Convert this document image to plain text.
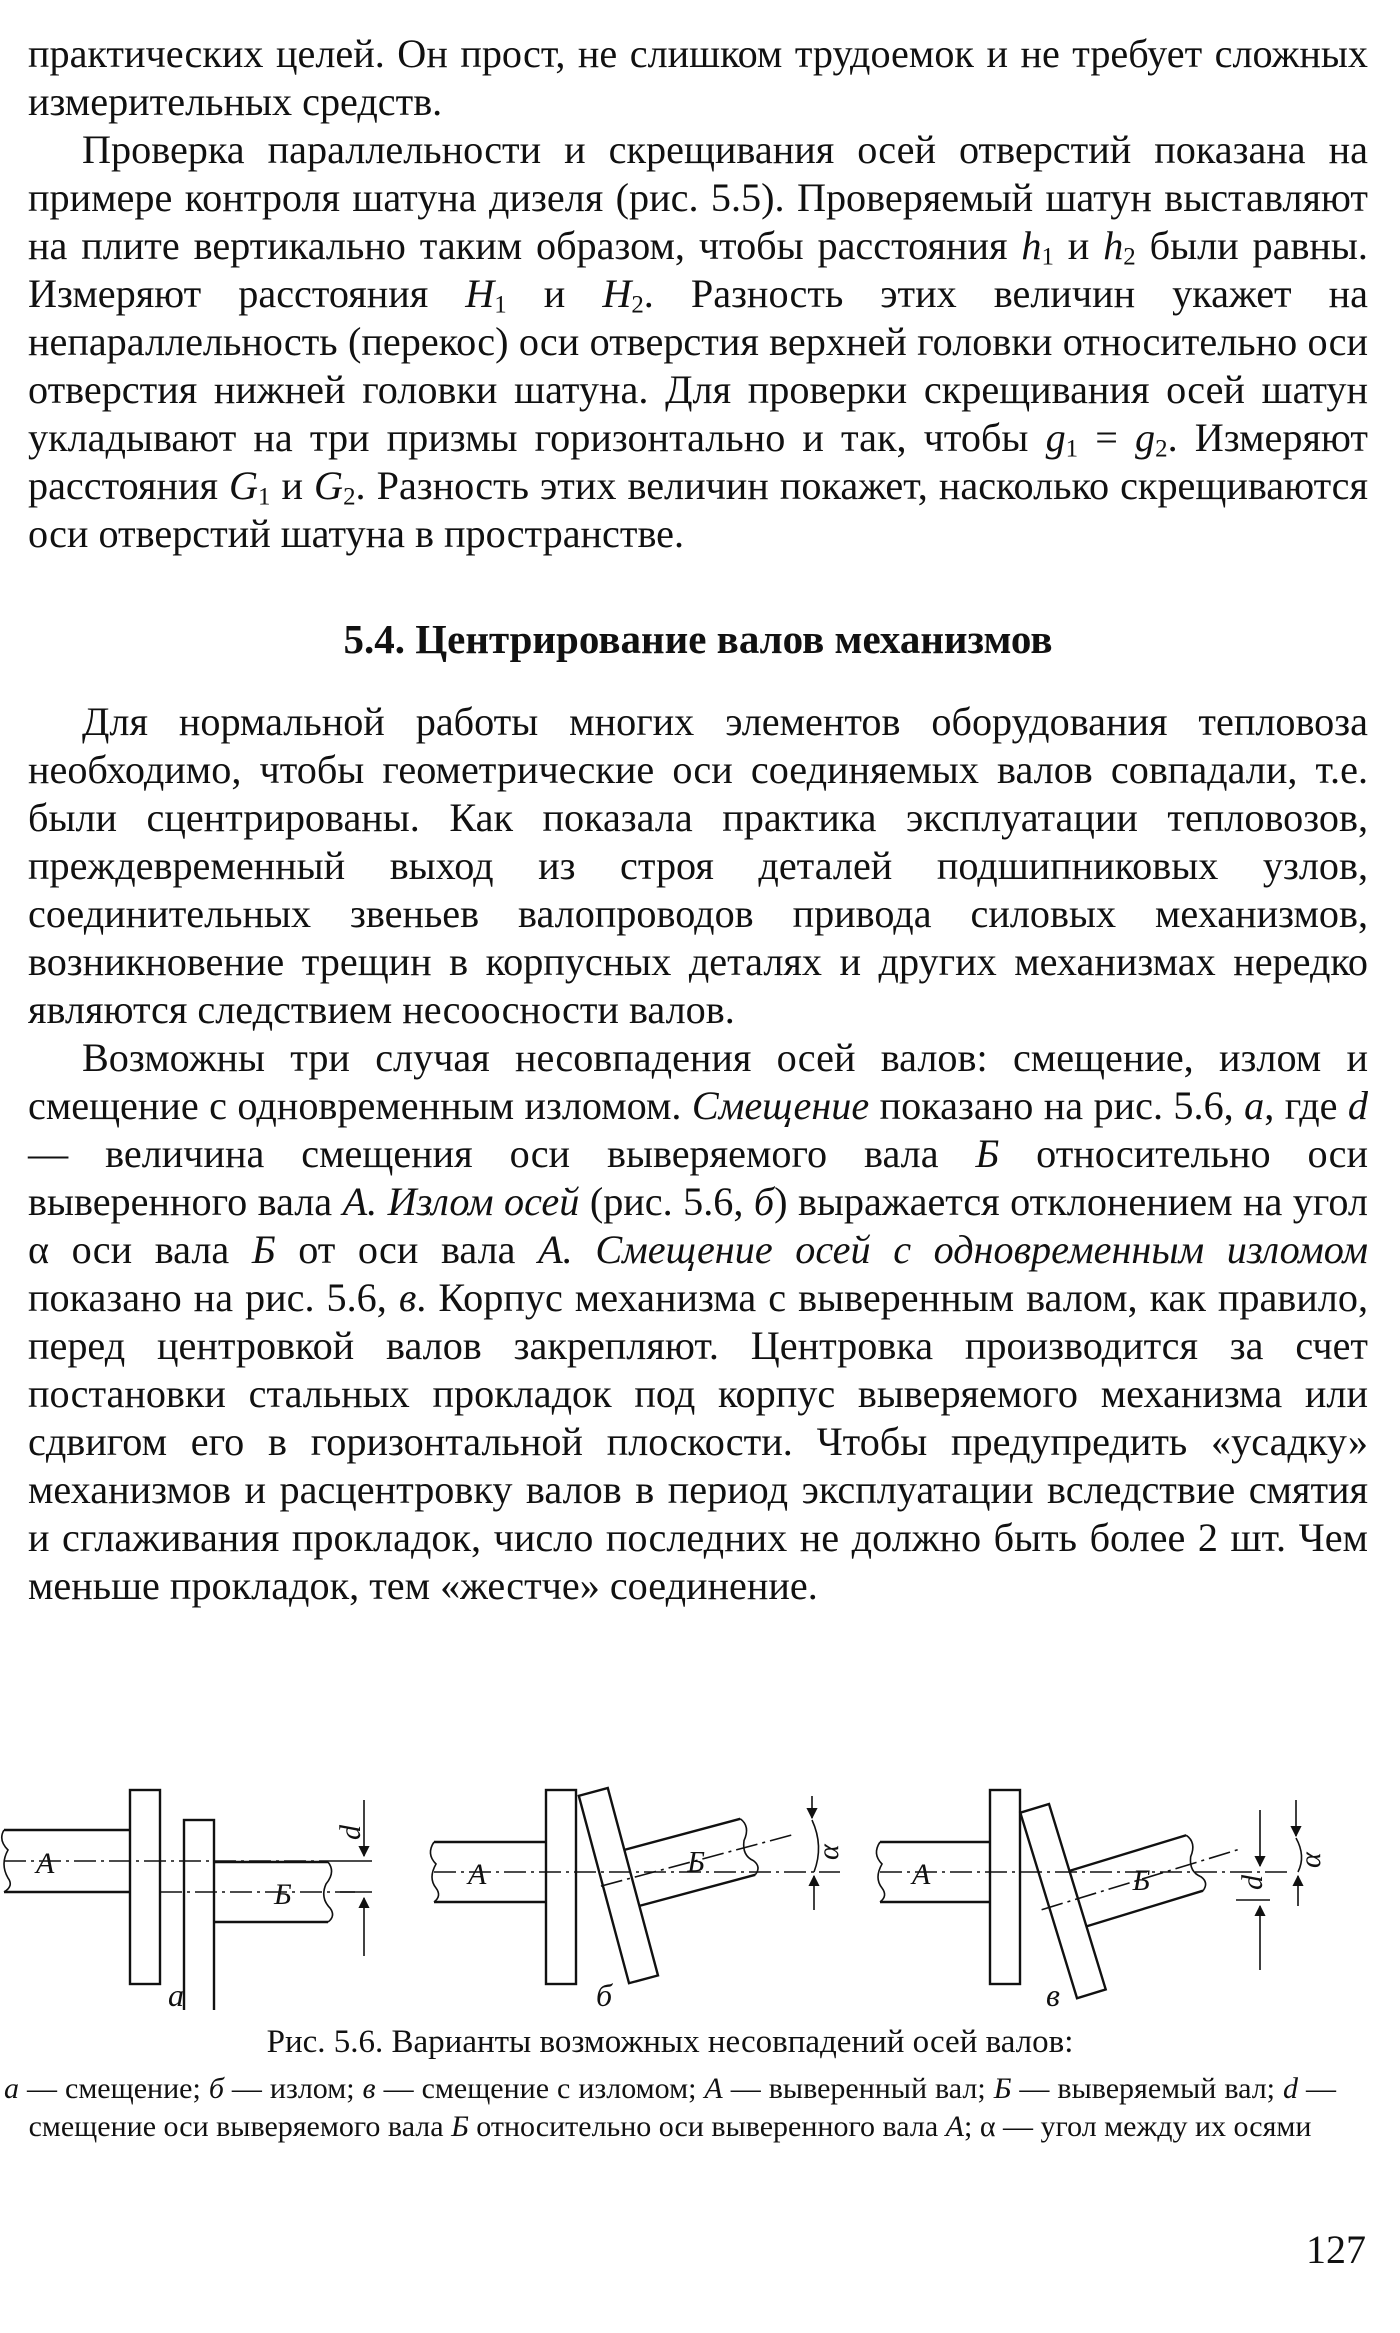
практических целей. Он прост, не слишком трудоемок и не требует сложных измерительных средств.

Проверка параллельности и скрещивания осей отверстий показана на примере контроля шатуна дизеля (рис. 5.5). Проверяемый шатун выставляют на плите вертикально таким образом, чтобы расстояния $h_1$ и $h_2$ были равны. Измеряют расстояния $H_1$ и $H_2$. Разность этих величин укажет на непараллельность (перекос) оси отверстия верхней головки относительно оси отверстия нижней головки шатуна. Для проверки скрещивания осей шатун укладывают на три призмы горизонтально и так, чтобы $g_1 = g_2$. Измеряют расстояния $G_1$ и $G_2$. Разность этих величин покажет, насколько скрещиваются оси отверстий шатуна в пространстве.

5.4. Центрирование валов механизмов

Для нормальной работы многих элементов оборудования тепловоза необходимо, чтобы геометрические оси соединяемых валов совпадали, т.е. были сцентрированы. Как показала практика эксплуатации тепловозов, преждевременный выход из строя деталей подшипниковых узлов, соединительных звеньев валопроводов привода силовых механизмов, возникновение трещин в корпусных деталях и других механизмах нередко являются следствием несоосности валов.

Возможны три случая несовпадения осей валов: смещение, излом и смещение с одновременным изломом. Смещение показано на рис. 5.6, а, где d — величина смещения оси выверяемого вала Б относительно оси выверенного вала А. Излом осей (рис. 5.6, б) выражается отклонением на угол α оси вала Б от оси вала А. Смещение осей с одновременным изломом показано на рис. 5.6, в. Корпус механизма с выверенным валом, как правило, перед центровкой валов закрепляют. Центровка производится за счет постановки стальных прокладок под корпус выверяемого механизма или сдвигом его в горизонтальной плоскости. Чтобы предупредить «усадку» механизмов и расцентровку валов в период эксплуатации вследствие смятия и сглаживания прокладок, число последних не должно быть более 2 шт. Чем меньше прокладок, тем «жестче» соединение.

А
Б
d
а
Б	α
А
б
Б	d
α
А
в

Рис. 5.6. Варианты возможных несовпадений осей валов:

а — смещение; б — излом; в — смещение с изломом; А — выверенный вал; Б — выверяемый вал; d — смещение оси выверяемого вала Б относительно оси выверенного вала А; α — угол между их осями

127
